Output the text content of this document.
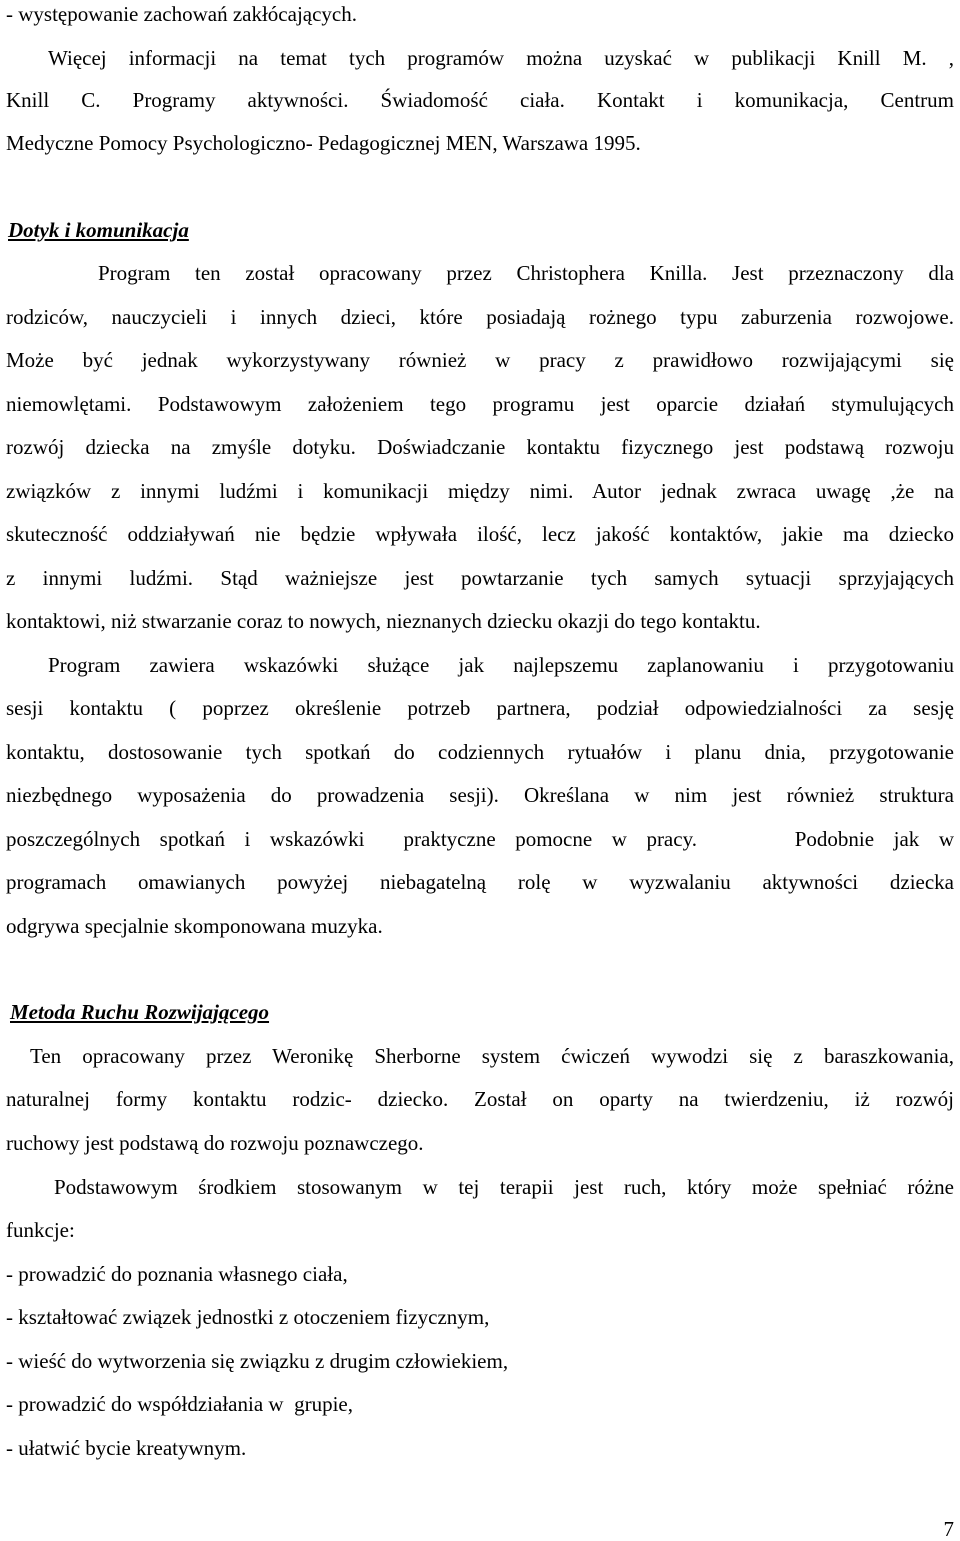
- występowanie zachowań zakłócających.
Więcej informacji na temat tych programów można uzyskać w publikacji Knill M. ,
Knill C. Programy aktywności. Świadomość ciała. Kontakt i komunikacja, Centrum
Medyczne Pomocy Psychologiczno- Pedagogicznej MEN, Warszawa 1995.
Dotyk i komunikacja
Program ten został opracowany przez Christophera Knilla. Jest przeznaczony dla
rodziców, nauczycieli i innych dzieci, które posiadają rożnego typu zaburzenia rozwojowe.
Może być jednak wykorzystywany również w pracy z prawidłowo rozwijającymi się
niemowlętami. Podstawowym założeniem tego programu jest oparcie działań stymulujących
rozwój dziecka na zmyśle dotyku. Doświadczanie kontaktu fizycznego jest podstawą rozwoju
związków z innymi ludźmi i komunikacji między nimi. Autor jednak zwraca uwagę ,że na
skuteczność oddziaływań nie będzie wpływała ilość, lecz jakość kontaktów, jakie ma dziecko
z innymi ludźmi. Stąd ważniejsze jest powtarzanie tych samych sytuacji sprzyjających
kontaktowi, niż stwarzanie coraz to nowych, nieznanych dziecku okazji do tego kontaktu.
Program zawiera wskazówki służące jak najlepszemu zaplanowaniu i przygotowaniu
sesji kontaktu ( poprzez określenie potrzeb partnera, podział odpowiedzialności za sesję
kontaktu, dostosowanie tych spotkań do codziennych rytuałów i planu dnia, przygotowanie
niezbędnego wyposażenia do prowadzenia sesji). Określana w nim jest również struktura
poszczególnych spotkań i wskazówki  praktyczne pomocne w pracy.     Podobnie jak w
programach omawianych powyżej niebagatelną rolę w wyzwalaniu aktywności dziecka
odgrywa specjalnie skomponowana muzyka.
Metoda Ruchu Rozwijającego
Ten opracowany przez Weronikę Sherborne system ćwiczeń wywodzi się z baraszkowania,
naturalnej formy kontaktu rodzic- dziecko. Został on oparty na twierdzeniu, iż rozwój
ruchowy jest podstawą do rozwoju poznawczego.
Podstawowym środkiem stosowanym w tej terapii jest ruch, który może spełniać różne
funkcje:
- prowadzić do poznania własnego ciała,
- kształtować związek jednostki z otoczeniem fizycznym,
- wieść do wytworzenia się związku z drugim człowiekiem,
- prowadzić do współdziałania w  grupie,
- ułatwić bycie kreatywnym.
7
